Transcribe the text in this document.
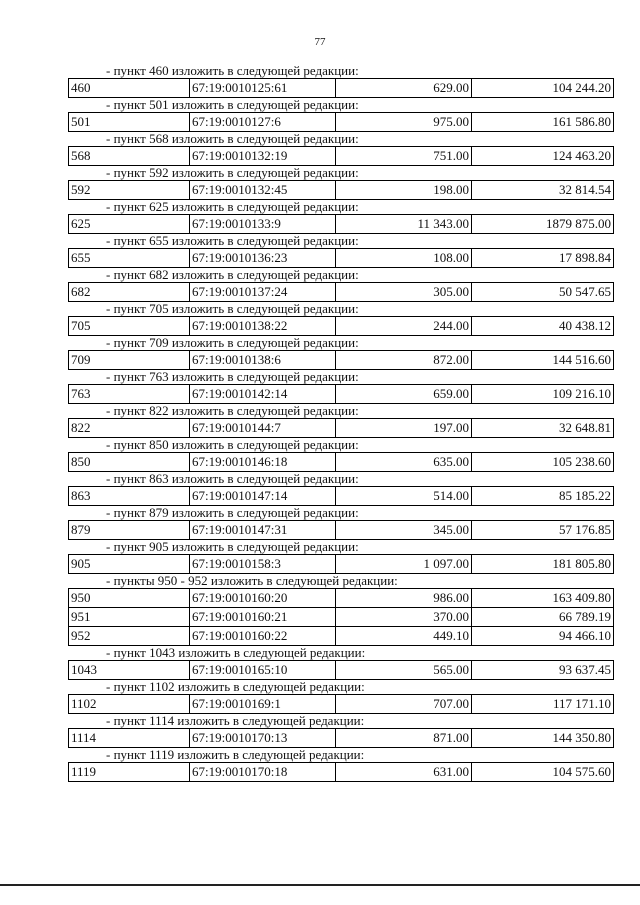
77
- пункт 460 изложить в следующей редакции:
460	67:19:0010125:61	629.00	104 244.20
- пункт 501 изложить в следующей редакции:
501	67:19:0010127:6	975.00	161 586.80
- пункт 568 изложить в следующей редакции:
568	67:19:0010132:19	751.00	124 463.20
- пункт 592 изложить в следующей редакции:
592	67:19:0010132:45	198.00	32 814.54
- пункт 625 изложить в следующей редакции:
625	67:19:0010133:9	11 343.00	1879 875.00
- пункт 655 изложить в следующей редакции:
655	67:19:0010136:23	108.00	17 898.84
- пункт 682 изложить в следующей редакции:
682	67:19:0010137:24	305.00	50 547.65
- пункт 705 изложить в следующей редакции:
705	67:19:0010138:22	244.00	40 438.12
- пункт 709 изложить в следующей редакции:
709	67:19:0010138:6	872.00	144 516.60
- пункт 763 изложить в следующей редакции:
763	67:19:0010142:14	659.00	109 216.10
- пункт 822 изложить в следующей редакции:
822	67:19:0010144:7	197.00	32 648.81
- пункт 850 изложить в следующей редакции:
850	67:19:0010146:18	635.00	105 238.60
- пункт 863 изложить в следующей редакции:
863	67:19:0010147:14	514.00	85 185.22
- пункт 879 изложить в следующей редакции:
879	67:19:0010147:31	345.00	57 176.85
- пункт 905 изложить в следующей редакции:
905	67:19:0010158:3	1 097.00	181 805.80
- пункты 950 - 952 изложить в следующей редакции:
950	67:19:0010160:20	986.00	163 409.80
951	67:19:0010160:21	370.00	66 789.19
952	67:19:0010160:22	449.10	94 466.10
- пункт 1043 изложить в следующей редакции:
1043	67:19:0010165:10	565.00	93 637.45
- пункт 1102 изложить в следующей редакции:
1102	67:19:0010169:1	707.00	117 171.10
- пункт 1114 изложить в следующей редакции:
1114	67:19:0010170:13	871.00	144 350.80
- пункт 1119 изложить в следующей редакции:
1119	67:19:0010170:18	631.00	104 575.60
